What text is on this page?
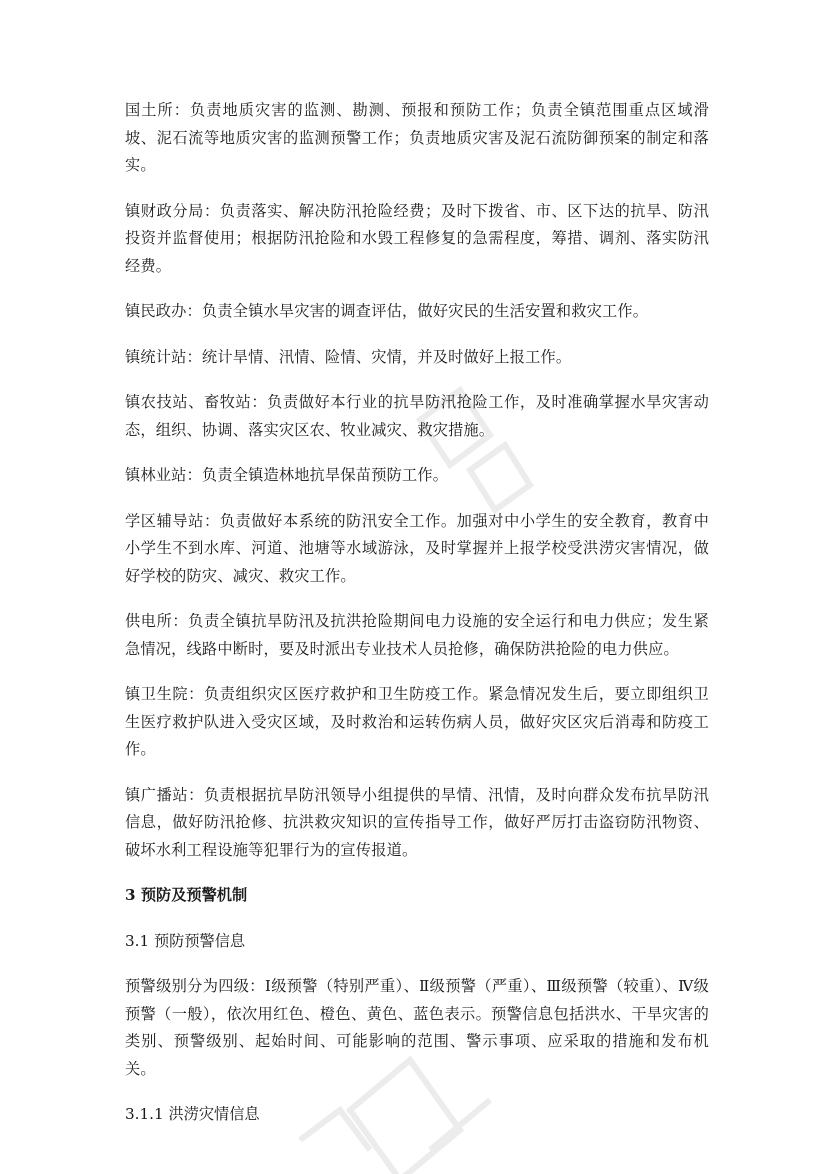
国土所：负责地质灾害的监测、勘测、预报和预防工作；负责全镇范围重点区域滑坡、泥石流等地质灾害的监测预警工作；负责地质灾害及泥石流防御预案的制定和落实。

镇财政分局：负责落实、解决防汛抢险经费；及时下拨省、市、区下达的抗旱、防汛投资并监督使用；根据防汛抢险和水毁工程修复的急需程度，筹措、调剂、落实防汛经费。

镇民政办：负责全镇水旱灾害的调查评估，做好灾民的生活安置和救灾工作。

镇统计站：统计旱情、汛情、险情、灾情，并及时做好上报工作。

镇农技站、畜牧站：负责做好本行业的抗旱防汛抢险工作，及时准确掌握水旱灾害动态，组织、协调、落实灾区农、牧业减灾、救灾措施。

镇林业站：负责全镇造林地抗旱保苗预防工作。

学区辅导站：负责做好本系统的防汛安全工作。加强对中小学生的安全教育，教育中小学生不到水库、河道、池塘等水域游泳，及时掌握并上报学校受洪涝灾害情况，做好学校的防灾、减灾、救灾工作。

供电所：负责全镇抗旱防汛及抗洪抢险期间电力设施的安全运行和电力供应；发生紧急情况，线路中断时，要及时派出专业技术人员抢修，确保防洪抢险的电力供应。

镇卫生院：负责组织灾区医疗救护和卫生防疫工作。紧急情况发生后，要立即组织卫生医疗救护队进入受灾区域，及时救治和运转伤病人员，做好灾区灾后消毒和防疫工作。

镇广播站：负责根据抗旱防汛领导小组提供的旱情、汛情，及时向群众发布抗旱防汛信息，做好防汛抢修、抗洪救灾知识的宣传指导工作，做好严厉打击盗窃防汛物资、破坏水利工程设施等犯罪行为的宣传报道。

3 预防及预警机制

3.1 预防预警信息

预警级别分为四级：Ⅰ级预警（特别严重）、Ⅱ级预警（严重）、Ⅲ级预警（较重）、Ⅳ级预警（一般），依次用红色、橙色、黄色、蓝色表示。预警信息包括洪水、干旱灾害的类别、预警级别、起始时间、可能影响的范围、警示事项、应采取的措施和发布机关。

3.1.1 洪涝灾情信息
